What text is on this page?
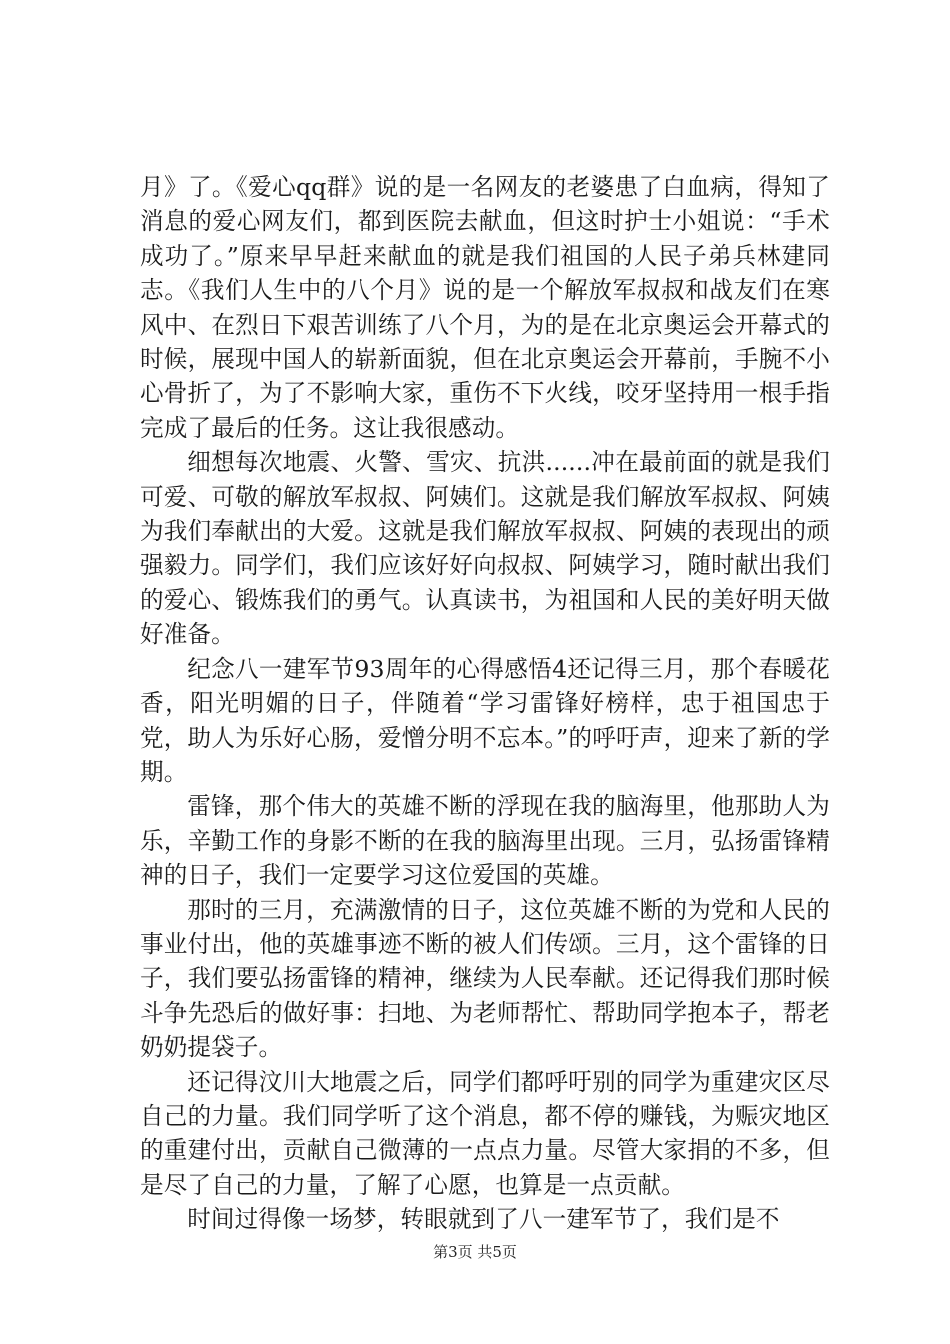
月》了。《爱心qq群》说的是一名网友的老婆患了白血病，得知了消息的爱心网友们，都到医院去献血，但这时护士小姐说：“手术成功了。”原来早早赶来献血的就是我们祖国的人民子弟兵林建同志。《我们人生中的八个月》说的是一个解放军叔叔和战友们在寒风中、在烈日下艰苦训练了八个月，为的是在北京奥运会开幕式的时候，展现中国人的崭新面貌，但在北京奥运会开幕前，手腕不小心骨折了，为了不影响大家，重伤不下火线，咬牙坚持用一根手指完成了最后的任务。这让我很感动。

细想每次地震、火警、雪灾、抗洪......冲在最前面的就是我们可爱、可敬的解放军叔叔、阿姨们。这就是我们解放军叔叔、阿姨为我们奉献出的大爱。这就是我们解放军叔叔、阿姨的表现出的顽强毅力。同学们，我们应该好好向叔叔、阿姨学习，随时献出我们的爱心、锻炼我们的勇气。认真读书，为祖国和人民的美好明天做好准备。

纪念八一建军节93周年的心得感悟4还记得三月，那个春暖花香，阳光明媚的日子，伴随着“学习雷锋好榜样，忠于祖国忠于党，助人为乐好心肠，爱憎分明不忘本。”的呼吁声，迎来了新的学期。

雷锋，那个伟大的英雄不断的浮现在我的脑海里，他那助人为乐，辛勤工作的身影不断的在我的脑海里出现。三月，弘扬雷锋精神的日子，我们一定要学习这位爱国的英雄。

那时的三月，充满激情的日子，这位英雄不断的为党和人民的事业付出，他的英雄事迹不断的被人们传颂。三月，这个雷锋的日子，我们要弘扬雷锋的精神，继续为人民奉献。还记得我们那时候斗争先恐后的做好事：扫地、为老师帮忙、帮助同学抱本子，帮老奶奶提袋子。

还记得汶川大地震之后，同学们都呼吁别的同学为重建灾区尽自己的力量。我们同学听了这个消息，都不停的赚钱，为赈灾地区的重建付出，贡献自己微薄的一点点力量。尽管大家捐的不多，但是尽了自己的力量，了解了心愿，也算是一点贡献。

时间过得像一场梦，转眼就到了八一建军节了，我们是不

第3页 共5页
